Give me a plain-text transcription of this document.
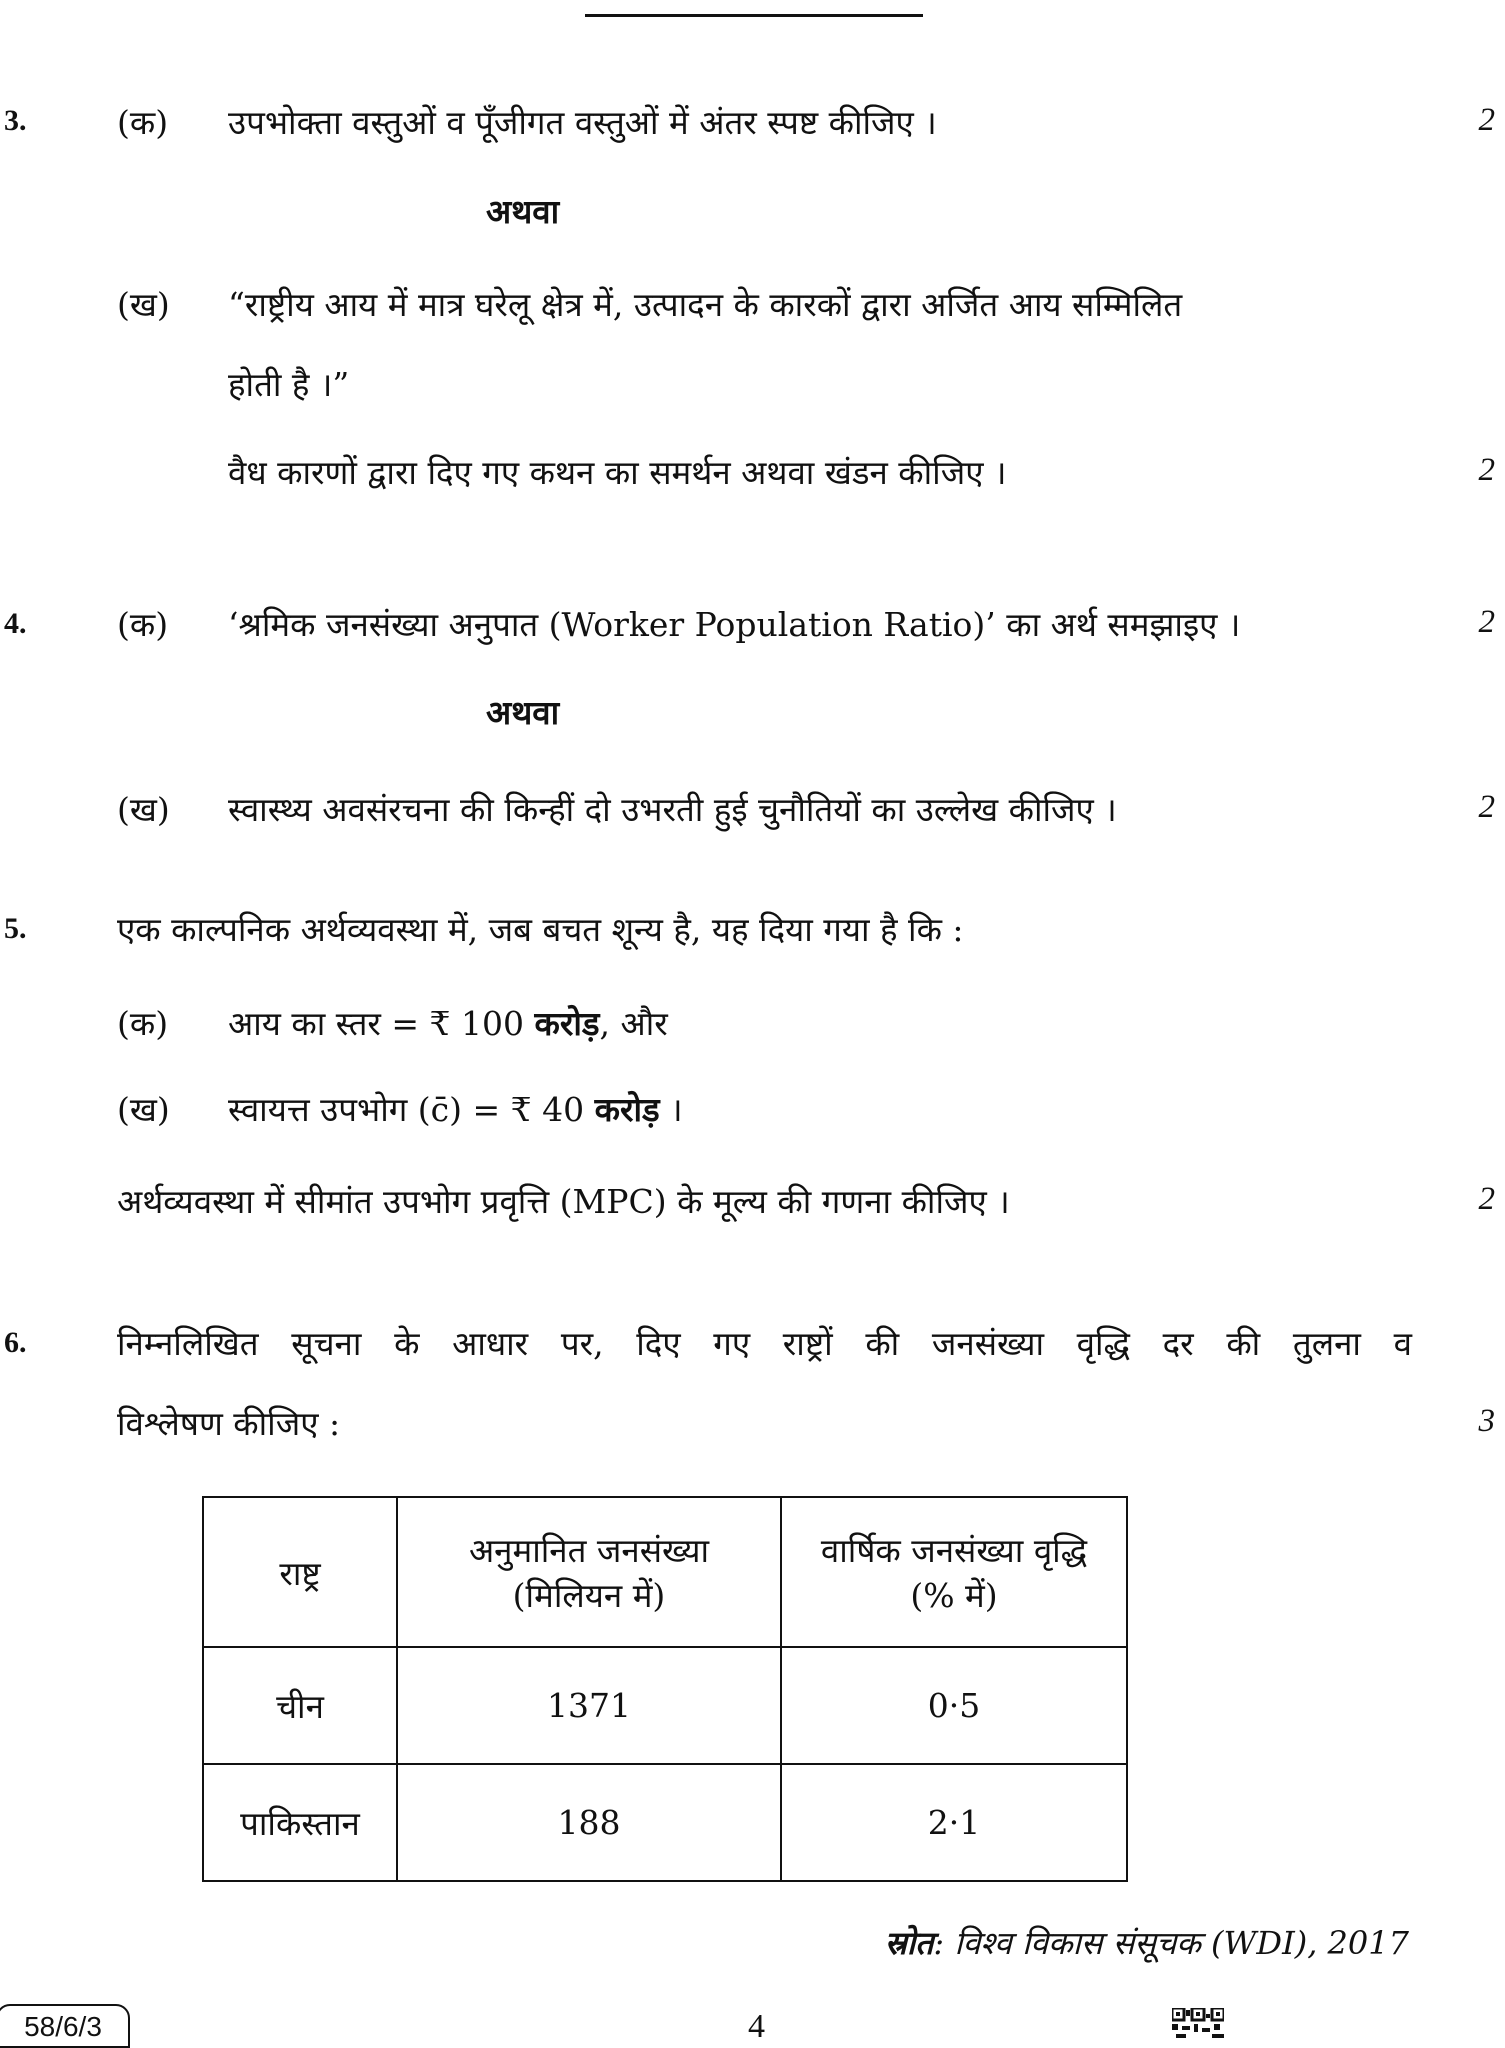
3.	(क) उपभोक्ता वस्तुओं व पूँजीगत वस्तुओं में अंतर स्पष्ट कीजिए ।	2
अथवा
(ख) “राष्ट्रीय आय में मात्र घरेलू क्षेत्र में, उत्पादन के कारकों द्वारा अर्जित आय सम्मिलित
होती है ।”
वैध कारणों द्वारा दिए गए कथन का समर्थन अथवा खंडन कीजिए ।	2
4.	(क) ‘श्रमिक जनसंख्या अनुपात (Worker Population Ratio)’ का अर्थ समझाइए ।	2
अथवा
(ख) स्वास्थ्य अवसंरचना की किन्हीं दो उभरती हुई चुनौतियों का उल्लेख कीजिए ।	2
5.	एक काल्पनिक अर्थव्यवस्था में, जब बचत शून्य है, यह दिया गया है कि :
(क) आय का स्तर = ₹ 100 करोड़, और
(ख) स्वायत्त उपभोग (c̄) = ₹ 40 करोड़ ।
अर्थव्यवस्था में सीमांत उपभोग प्रवृत्ति (MPC) के मूल्य की गणना कीजिए ।	2
6.	निम्नलिखित सूचना के आधार पर, दिए गए राष्ट्रों की जनसंख्या वृद्धि दर की तुलना व
विश्लेषण कीजिए :	3
राष्ट्र	अनुमानित जनसंख्या (मिलियन में)	वार्षिक जनसंख्या वृद्धि (% में)
चीन	1371	0·5
पाकिस्तान	188	2·1
स्रोत: विश्व विकास संसूचक (WDI), 2017
58/6/3	4
